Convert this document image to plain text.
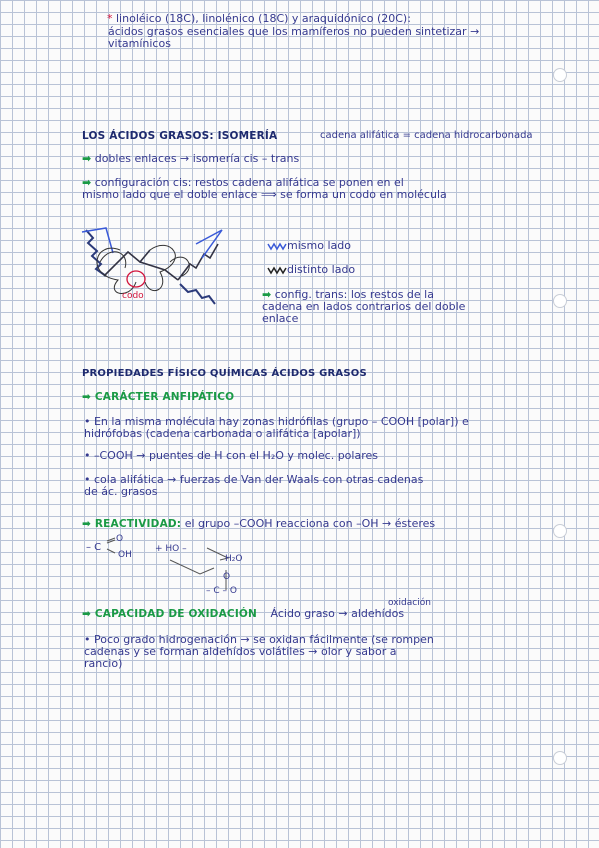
* linoléico (18C), linolénico (18C) y araquidónico (20C):
ácidos grasos esenciales que los mamíferos no pueden sintetizar →
vitamínicos
LOS ÁCIDOS GRASOS: ISOMERÍA	cadena alifática = cadena hidrocarbonada
➡ dobles enlaces → isomería cis – trans
➡ configuración cis: restos cadena alifática se ponen en el
mismo lado que el doble enlace ⟹ se forma un codo en molécula
codo
mismo lado
distinto lado
➡ config. trans: los restos de la
cadena en lados contrarios del doble
enlace
PROPIEDADES FÍSICO QUÍMICAS ÁCIDOS GRASOS
➡ CARÁCTER ANFIPÁTICO
• En la misma molécula hay zonas hidrófilas (grupo – COOH [polar]) e
hidrófobas (cadena carbonada o alifática [apolar])
• –COOH → puentes de H con el H₂O y molec. polares
• cola alifática → fuerzas de Van der Waals con otras cadenas
de ác. grasos
➡ REACTIVIDAD: el grupo –COOH reacciona con –OH → ésteres
– C
O
OH
+ HO –
H₂O
O
– C – O
oxidación
➡ CAPACIDAD DE OXIDACIÓN Ácido graso → aldehídos
• Poco grado hidrogenación → se oxidan fácilmente (se rompen
cadenas y se forman aldehídos volátiles → olor y sabor a
rancio)
